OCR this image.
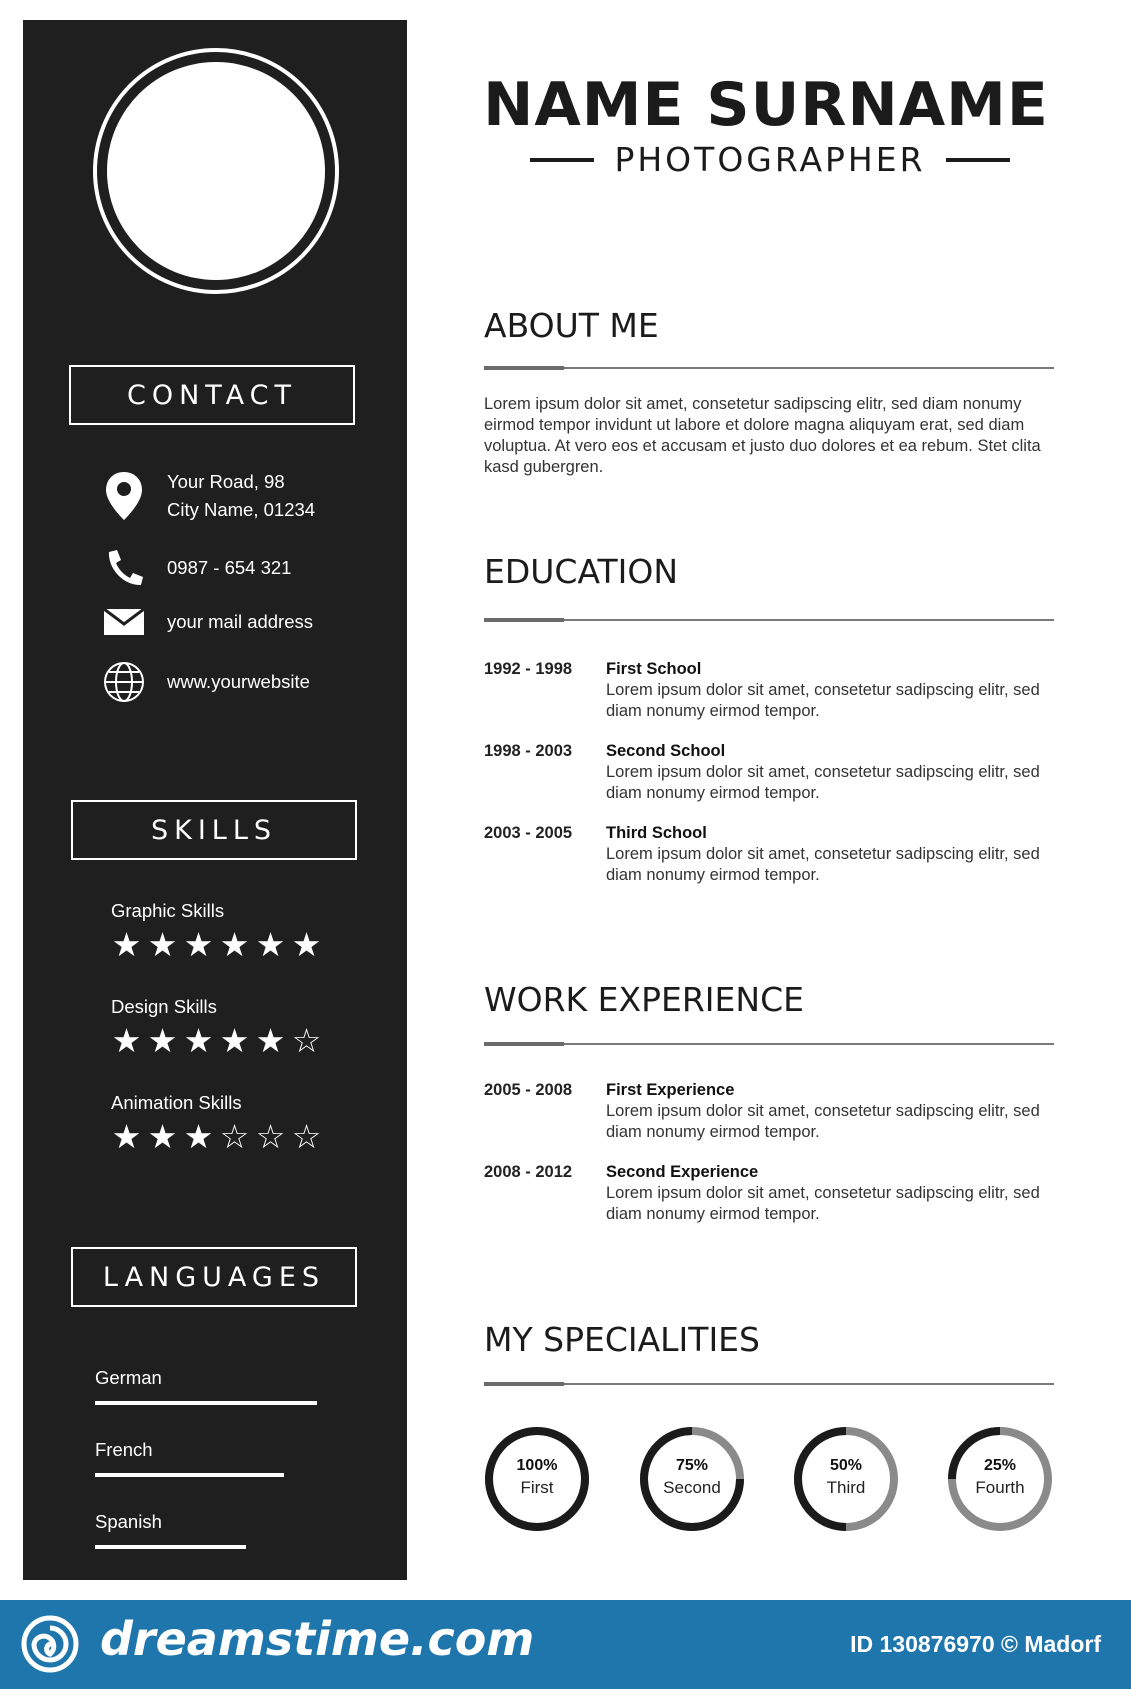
CONTACT
Your Road, 98
City Name, 01234
0987 - 654 321
your mail address
www.yourwebsite
SKILLS
Graphic Skills
★ ★ ★ ★ ★ ★
Design Skills
★ ★ ★ ★ ★ ☆
Animation Skills
★ ★ ★ ☆ ☆ ☆
LANGUAGES
German
French
Spanish
NAME SURNAME
PHOTOGRAPHER
ABOUT ME
Lorem ipsum dolor sit amet, consetetur sadipscing elitr, sed diam nonumy eirmod tempor invidunt ut labore et dolore magna aliquyam erat, sed diam voluptua. At vero eos et accusam et justo duo dolores et ea rebum. Stet clita kasd gubergren.
EDUCATION
1992 - 1998	First School
Lorem ipsum dolor sit amet, consetetur sadipscing elitr, sed diam nonumy eirmod tempor.
1998 - 2003	Second School
Lorem ipsum dolor sit amet, consetetur sadipscing elitr, sed diam nonumy eirmod tempor.
2003 - 2005	Third School
Lorem ipsum dolor sit amet, consetetur sadipscing elitr, sed diam nonumy eirmod tempor.
WORK EXPERIENCE
2005 - 2008	First Experience
Lorem ipsum dolor sit amet, consetetur sadipscing elitr, sed diam nonumy eirmod tempor.
2008 - 2012	Second Experience
Lorem ipsum dolor sit amet, consetetur sadipscing elitr, sed diam nonumy eirmod tempor.
MY SPECIALITIES
100%
First
75%
Second
50%
Third
25%
Fourth
dreamstime.com	ID 130876970 © Madorf
